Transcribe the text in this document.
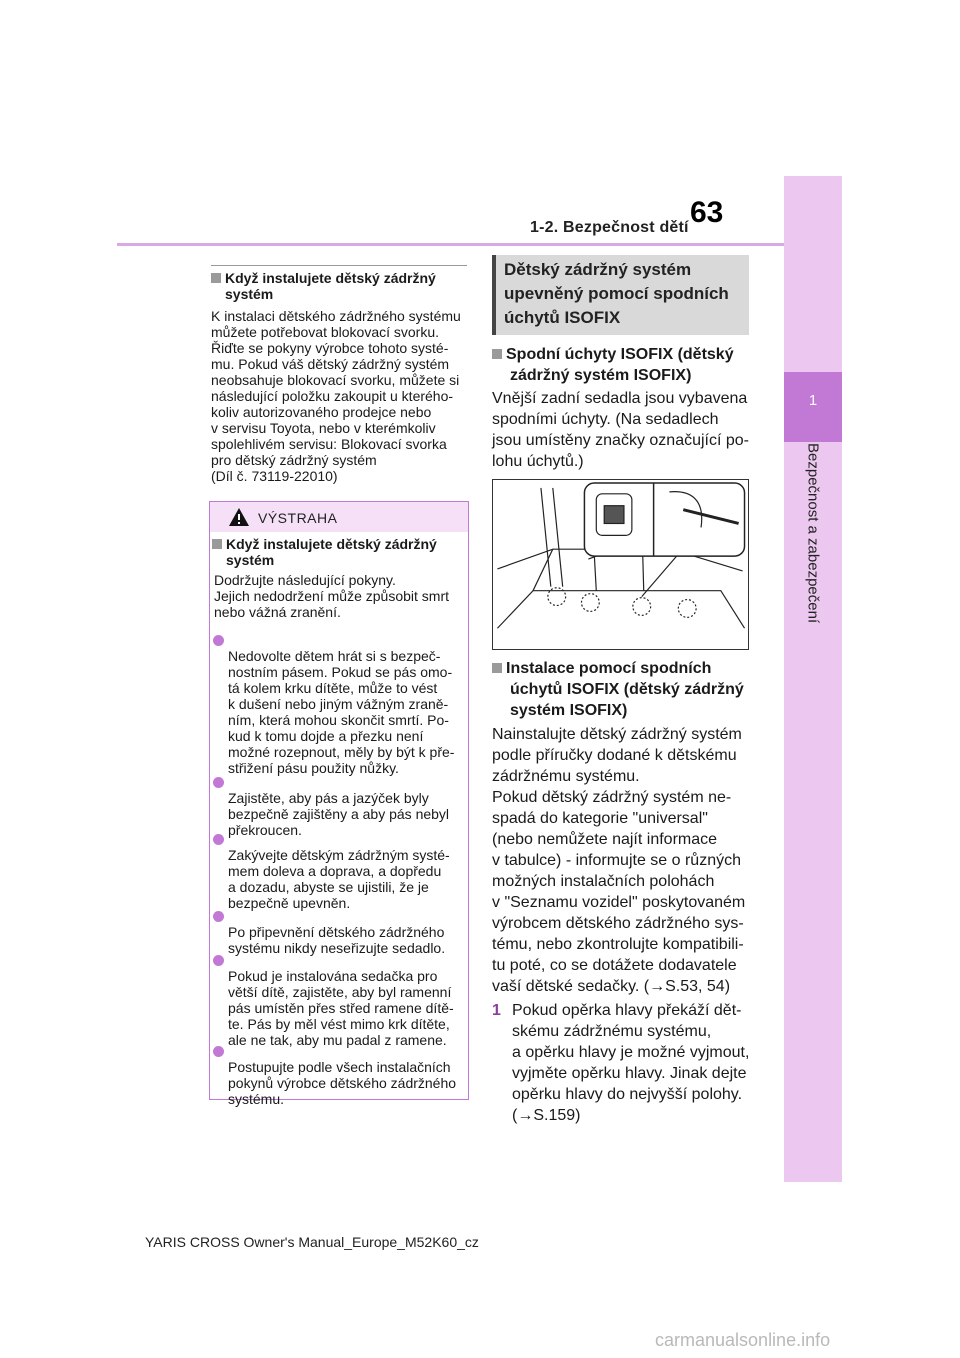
63
1-2. Bezpečnost dětí
1
Bezpečnost a zabezpečení
Když instalujete dětský zádržný systém
K instalaci dětského zádržného systému
můžete potřebovat blokovací svorku.
Řiďte se pokyny výrobce tohoto systé-
mu. Pokud váš dětský zádržný systém
neobsahuje blokovací svorku, můžete si
následující položku zakoupit u kterého-
koliv autorizovaného prodejce nebo
v servisu Toyota, nebo v kterémkoliv
spolehlivém servisu: Blokovací svorka
pro dětský zádržný systém
(Díl č. 73119-22010)
VÝSTRAHA
Když instalujete dětský zádržný systém
Dodržujte následující pokyny.
Jejich nedodržení může způsobit smrt
nebo vážná zranění.

Nedovolte dětem hrát si s bezpeč-
nostním pásem. Pokud se pás omo-
tá kolem krku dítěte, může to vést
k dušení nebo jiným vážným zraně-
ním, která mohou skončit smrtí. Po-
kud k tomu dojde a přezku není
možné rozepnout, měly by být k pře-
střižení pásu použity nůžky.

Zajistěte, aby pás a jazýček byly
bezpečně zajištěny a aby pás nebyl
překroucen.

Zakývejte dětským zádržným systé-
mem doleva a doprava, a dopředu
a dozadu, abyste se ujistili, že je
bezpečně upevněn.

Po připevnění dětského zádržného
systému nikdy neseřizujte sedadlo.

Pokud je instalována sedačka pro
větší dítě, zajistěte, aby byl ramenní
pás umístěn přes střed ramene dítě-
te. Pás by měl vést mimo krk dítěte,
ale ne tak, aby mu padal z ramene.

Postupujte podle všech instalačních
pokynů výrobce dětského zádržného
systému.

Dětský zádržný systém upevněný pomocí spodních úchytů ISOFIX
Spodní úchyty ISOFIX (dětský
zádržný systém ISOFIX)
Vnější zadní sedadla jsou vybavena
spodními úchyty. (Na sedadlech
jsou umístěny značky označující po-
lohu úchytů.)
Instalace pomocí spodních
úchytů ISOFIX (dětský zádržný
systém ISOFIX)
Nainstalujte dětský zádržný systém
podle příručky dodané k dětskému
zádržnému systému.
Pokud dětský zádržný systém ne-
spadá do kategorie "universal"
(nebo nemůžete najít informace
v tabulce) - informujte se o různých
možných instalačních polohách
v "Seznamu vozidel" poskytovaném
výrobcem dětského zádržného sys-
tému, nebo zkontrolujte kompatibili-
tu poté, co se dotážete dodavatele
vaší dětské sedačky. (→S.53, 54)
1 Pokud opěrka hlavy překáží dět-
skému zádržnému systému,
a opěrku hlavy je možné vyjmout,
vyjměte opěrku hlavy. Jinak dejte
opěrku hlavy do nejvyšší polohy.
(→S.159)
YARIS CROSS Owner's Manual_Europe_M52K60_cz
carmanualsonline.info
